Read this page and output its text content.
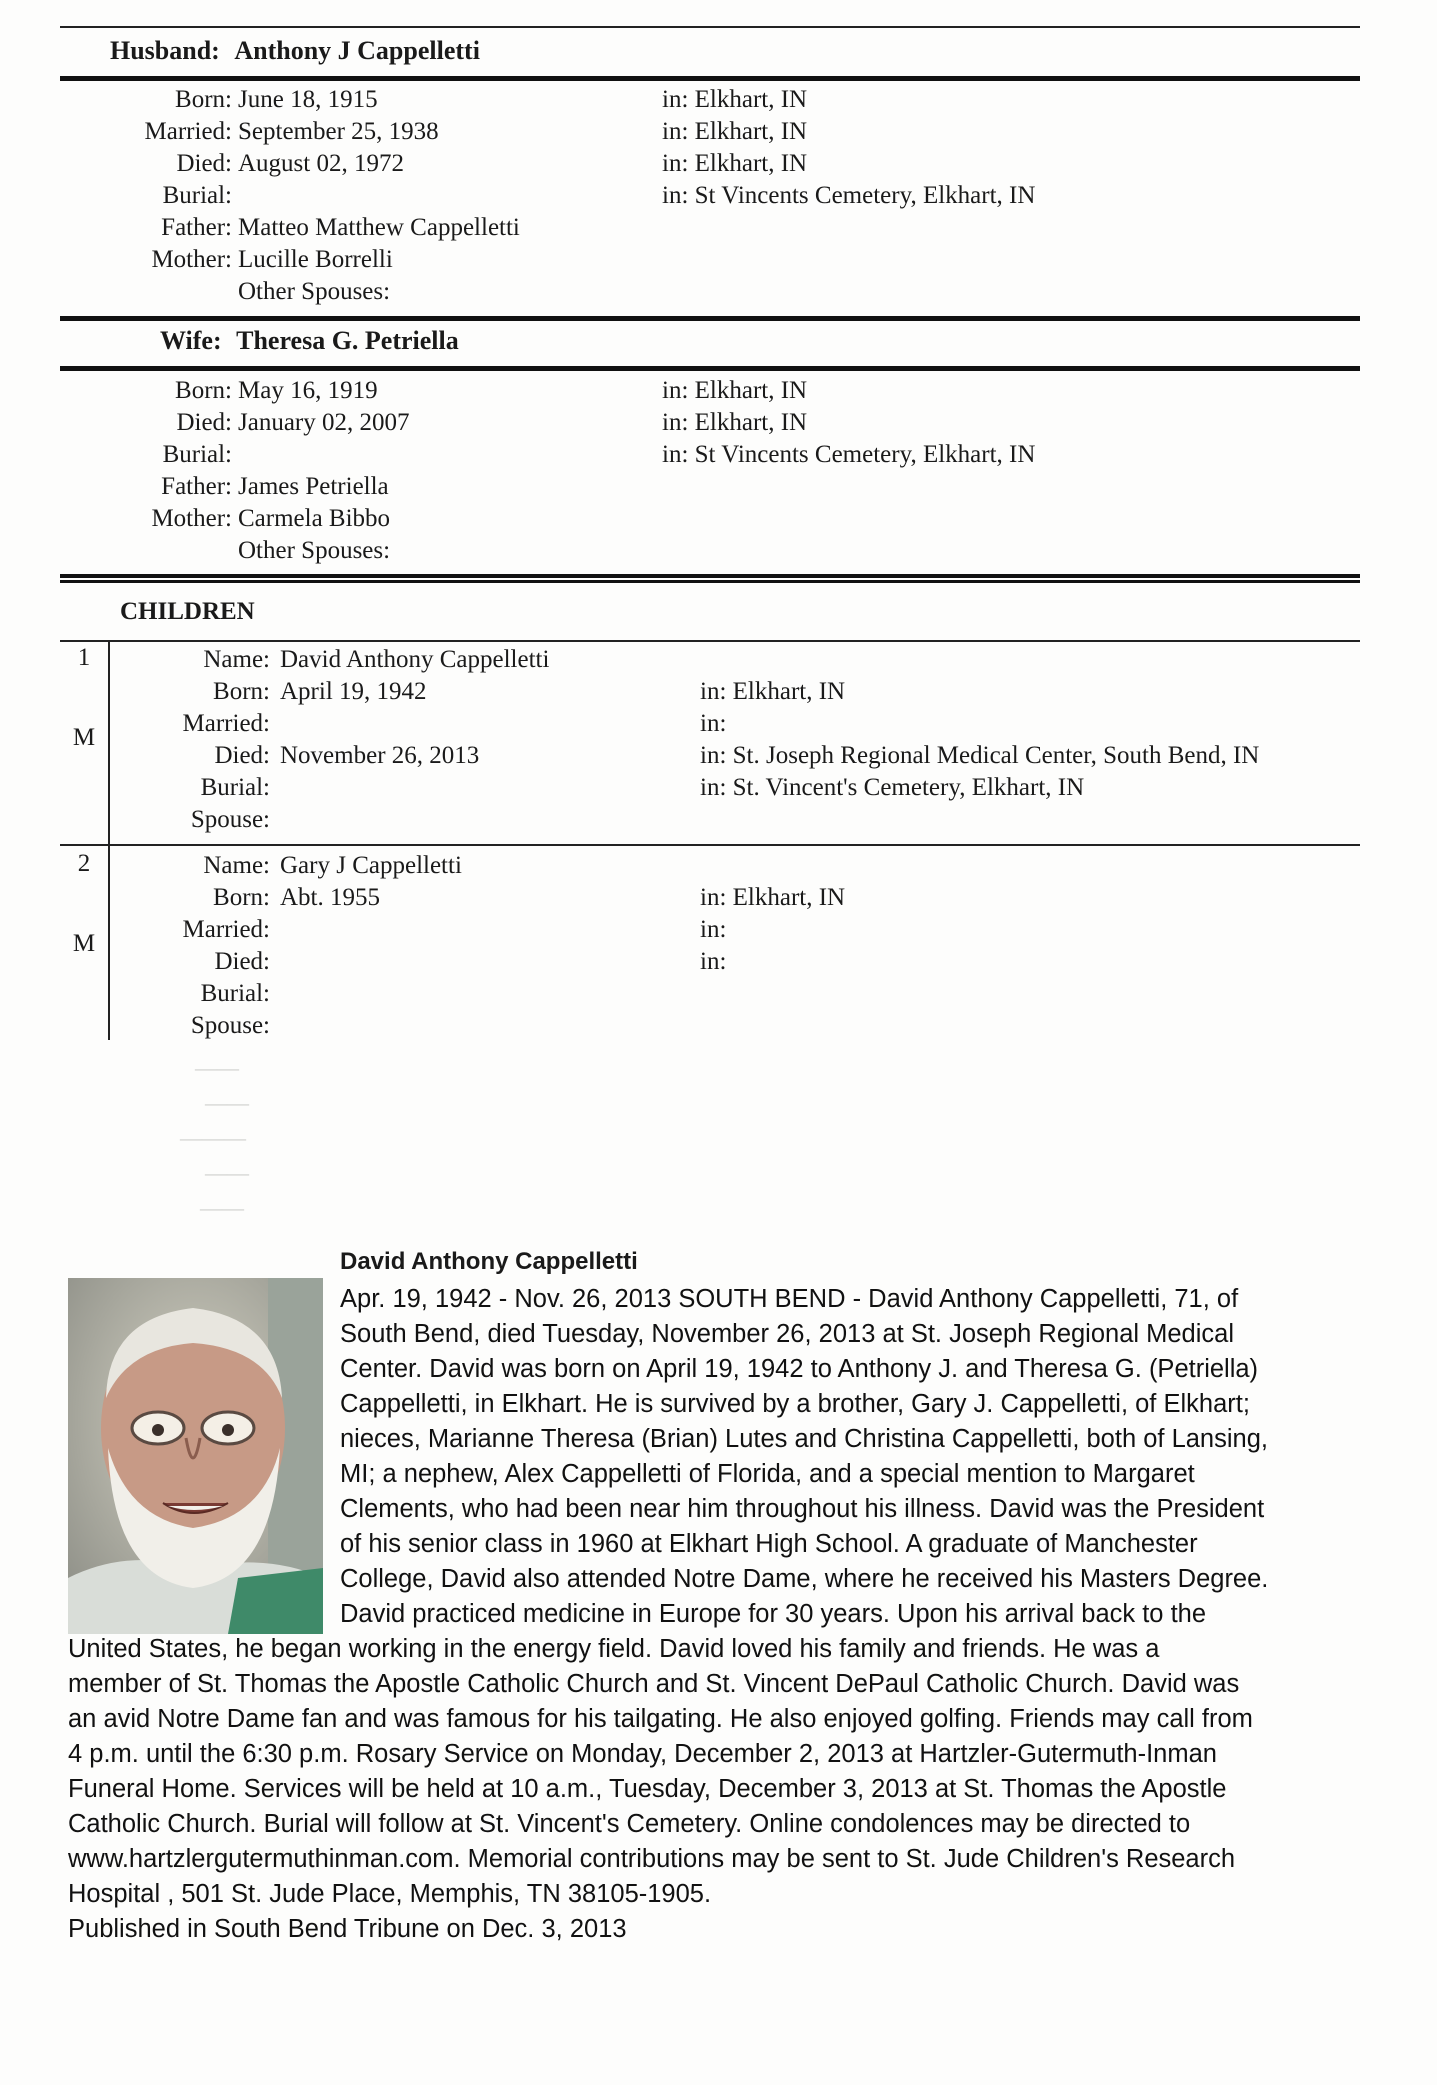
Husband: Anthony J Cappelletti
Born: June 18, 1915	in: Elkhart, IN
Married: September 25, 1938	in: Elkhart, IN
Died: August 02, 1972	in: Elkhart, IN
Burial:	in: St Vincents Cemetery, Elkhart, IN
Father: Matteo Matthew Cappelletti
Mother: Lucille Borrelli
Other Spouses:
Wife: Theresa G. Petriella
Born: May 16, 1919	in: Elkhart, IN
Died: January 02, 2007	in: Elkhart, IN
Burial:	in: St Vincents Cemetery, Elkhart, IN
Father: James Petriella
Mother: Carmela Bibbo
Other Spouses:
CHILDREN
1
M
Name: David Anthony Cappelletti
Born: April 19, 1942	in: Elkhart, IN
Married:	in:
Died: November 26, 2013	in: St. Joseph Regional Medical Center, South Bend, IN
Burial:	in: St. Vincent's Cemetery, Elkhart, IN
Spouse:
2
M
Name: Gary J Cappelletti
Born: Abt. 1955	in: Elkhart, IN
Married:	in:
Died:	in:
Burial:
Spouse:
——
——
———
——
——
David Anthony Cappelletti
Apr. 19, 1942 - Nov. 26, 2013 SOUTH BEND - David Anthony Cappelletti, 71, of
South Bend, died Tuesday, November 26, 2013 at St. Joseph Regional Medical
Center. David was born on April 19, 1942 to Anthony J. and Theresa G. (Petriella)
Cappelletti, in Elkhart. He is survived by a brother, Gary J. Cappelletti, of Elkhart;
nieces, Marianne Theresa (Brian) Lutes and Christina Cappelletti, both of Lansing,
MI; a nephew, Alex Cappelletti of Florida, and a special mention to Margaret
Clements, who had been near him throughout his illness. David was the President
of his senior class in 1960 at Elkhart High School. A graduate of Manchester
College, David also attended Notre Dame, where he received his Masters Degree.
David practiced medicine in Europe for 30 years. Upon his arrival back to the
United States, he began working in the energy field. David loved his family and friends. He was a
member of St. Thomas the Apostle Catholic Church and St. Vincent DePaul Catholic Church. David was
an avid Notre Dame fan and was famous for his tailgating. He also enjoyed golfing. Friends may call from
4 p.m. until the 6:30 p.m. Rosary Service on Monday, December 2, 2013 at Hartzler-Gutermuth-Inman
Funeral Home. Services will be held at 10 a.m., Tuesday, December 3, 2013 at St. Thomas the Apostle
Catholic Church. Burial will follow at St. Vincent's Cemetery. Online condolences may be directed to
www.hartzlergutermuthinman.com. Memorial contributions may be sent to St. Jude Children's Research
Hospital , 501 St. Jude Place, Memphis, TN 38105-1905.
Published in South Bend Tribune on Dec. 3, 2013
